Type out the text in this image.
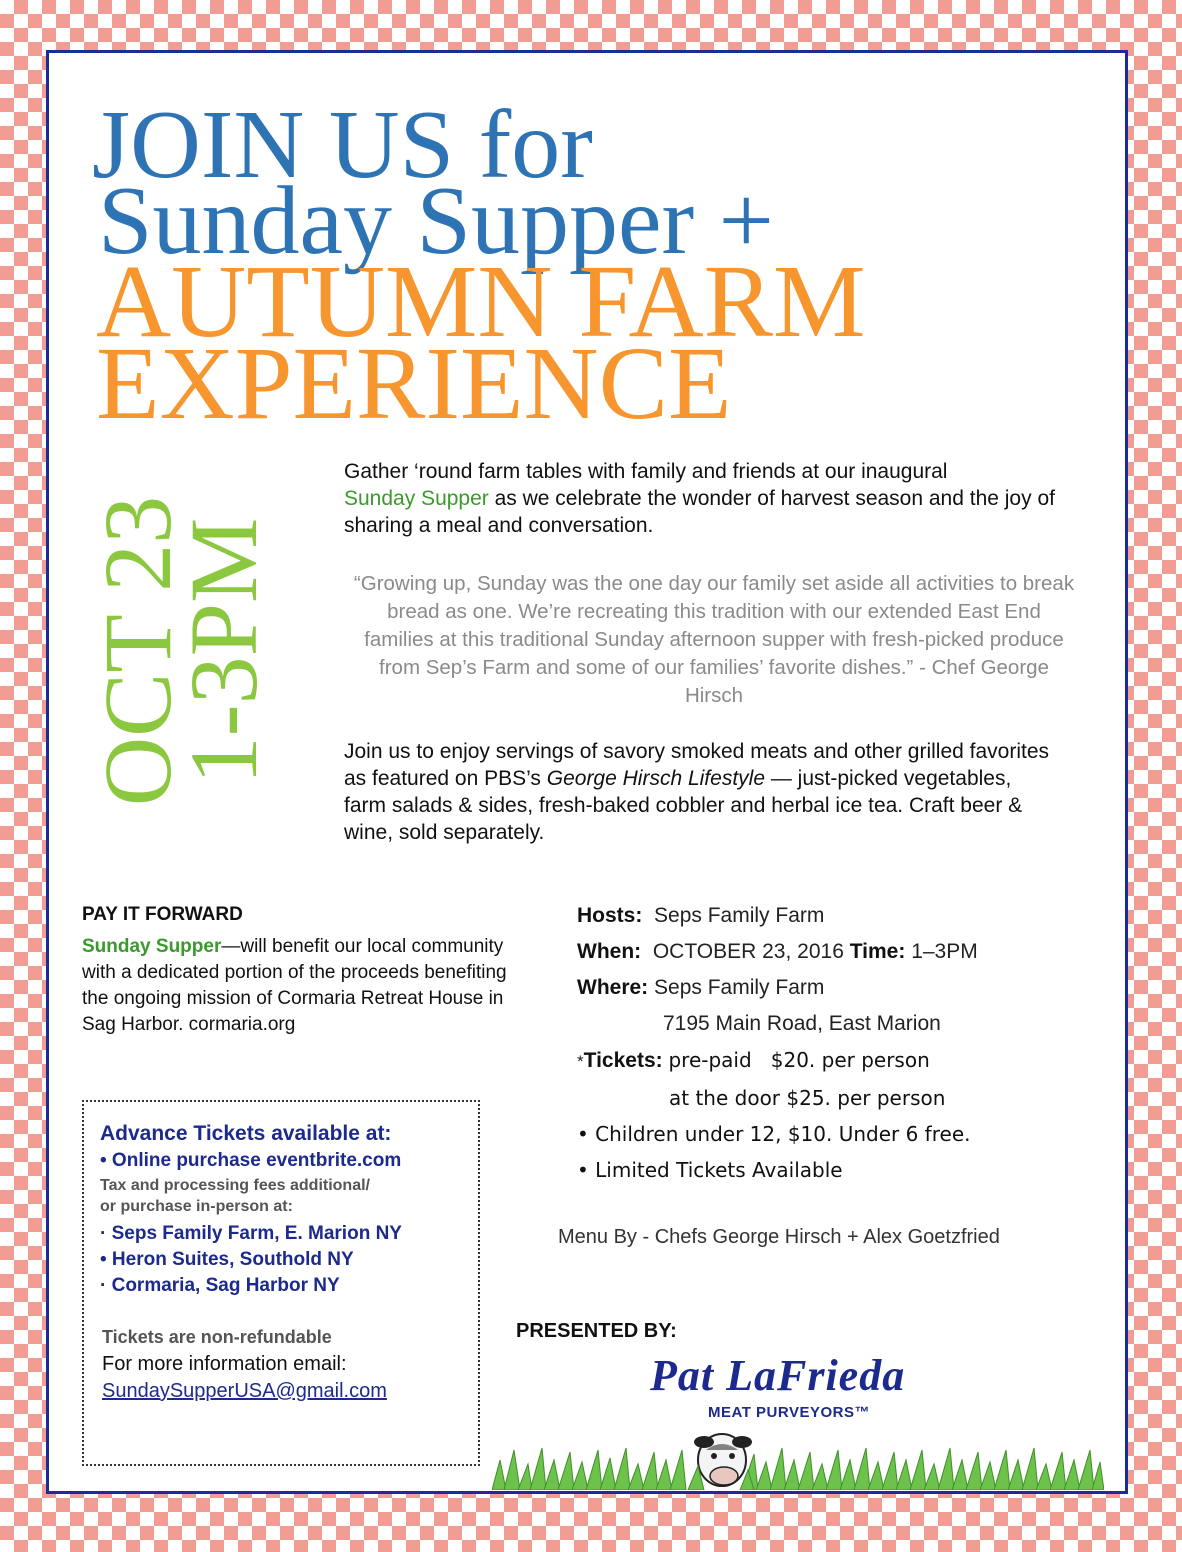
JOIN US for
Sunday Supper +
AUTUMN FARM
EXPERIENCE
OCT 23
1-3PM
Gather ‘round farm tables with family and friends at our inaugural
Sunday Supper as we celebrate the wonder of harvest season and the joy of sharing a meal and conversation.
“Growing up, Sunday was the one day our family set aside all activities to break bread as one. We’re recreating this tradition with our extended East End families at this traditional Sunday afternoon supper with fresh-picked produce from Sep’s Farm and some of our families’ favorite dishes.” - Chef George Hirsch
Join us to enjoy servings of savory smoked meats and other grilled favorites as featured on PBS’s George Hirsch Lifestyle — just-picked vegetables, farm salads & sides, fresh-baked cobbler and herbal ice tea. Craft beer & wine, sold separately.
PAY IT FORWARD
Sunday Supper—will benefit our local community with a dedicated portion of the proceeds benefiting the ongoing mission of Cormaria Retreat House in Sag Harbor. cormaria.org
Advance Tickets available at:
• Online purchase eventbrite.com
Tax and processing fees additional/
or purchase in-person at:
· Seps Family Farm, E. Marion NY
• Heron Suites, Southold NY
· Cormaria, Sag Harbor NY
Tickets are non-refundable
For more information email:
SundaySupperUSA@gmail.com
Hosts: Seps Family Farm
When: OCTOBER 23, 2016 Time: 1–3PM
Where: Seps Family Farm
7195 Main Road, East Marion
*Tickets: pre-paid   $20. per person
at the door $25. per person
• Children under 12, $10. Under 6 free.
• Limited Tickets Available
Menu By - Chefs George Hirsch + Alex Goetzfried
PRESENTED BY:
Pat LaFrieda
MEAT PURVEYORS™
